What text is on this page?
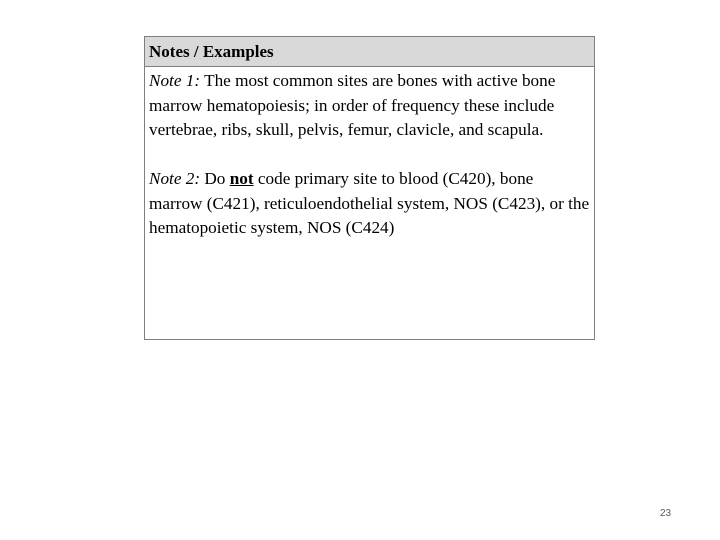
Notes / Examples

Note 1: The most common sites are bones with active bone marrow hematopoiesis; in order of frequency these include vertebrae, ribs, skull, pelvis, femur, clavicle, and scapula.

Note 2: Do not code primary site to blood (C420), bone marrow (C421), reticuloendothelial system, NOS (C423), or the hematopoietic system, NOS (C424)

23
